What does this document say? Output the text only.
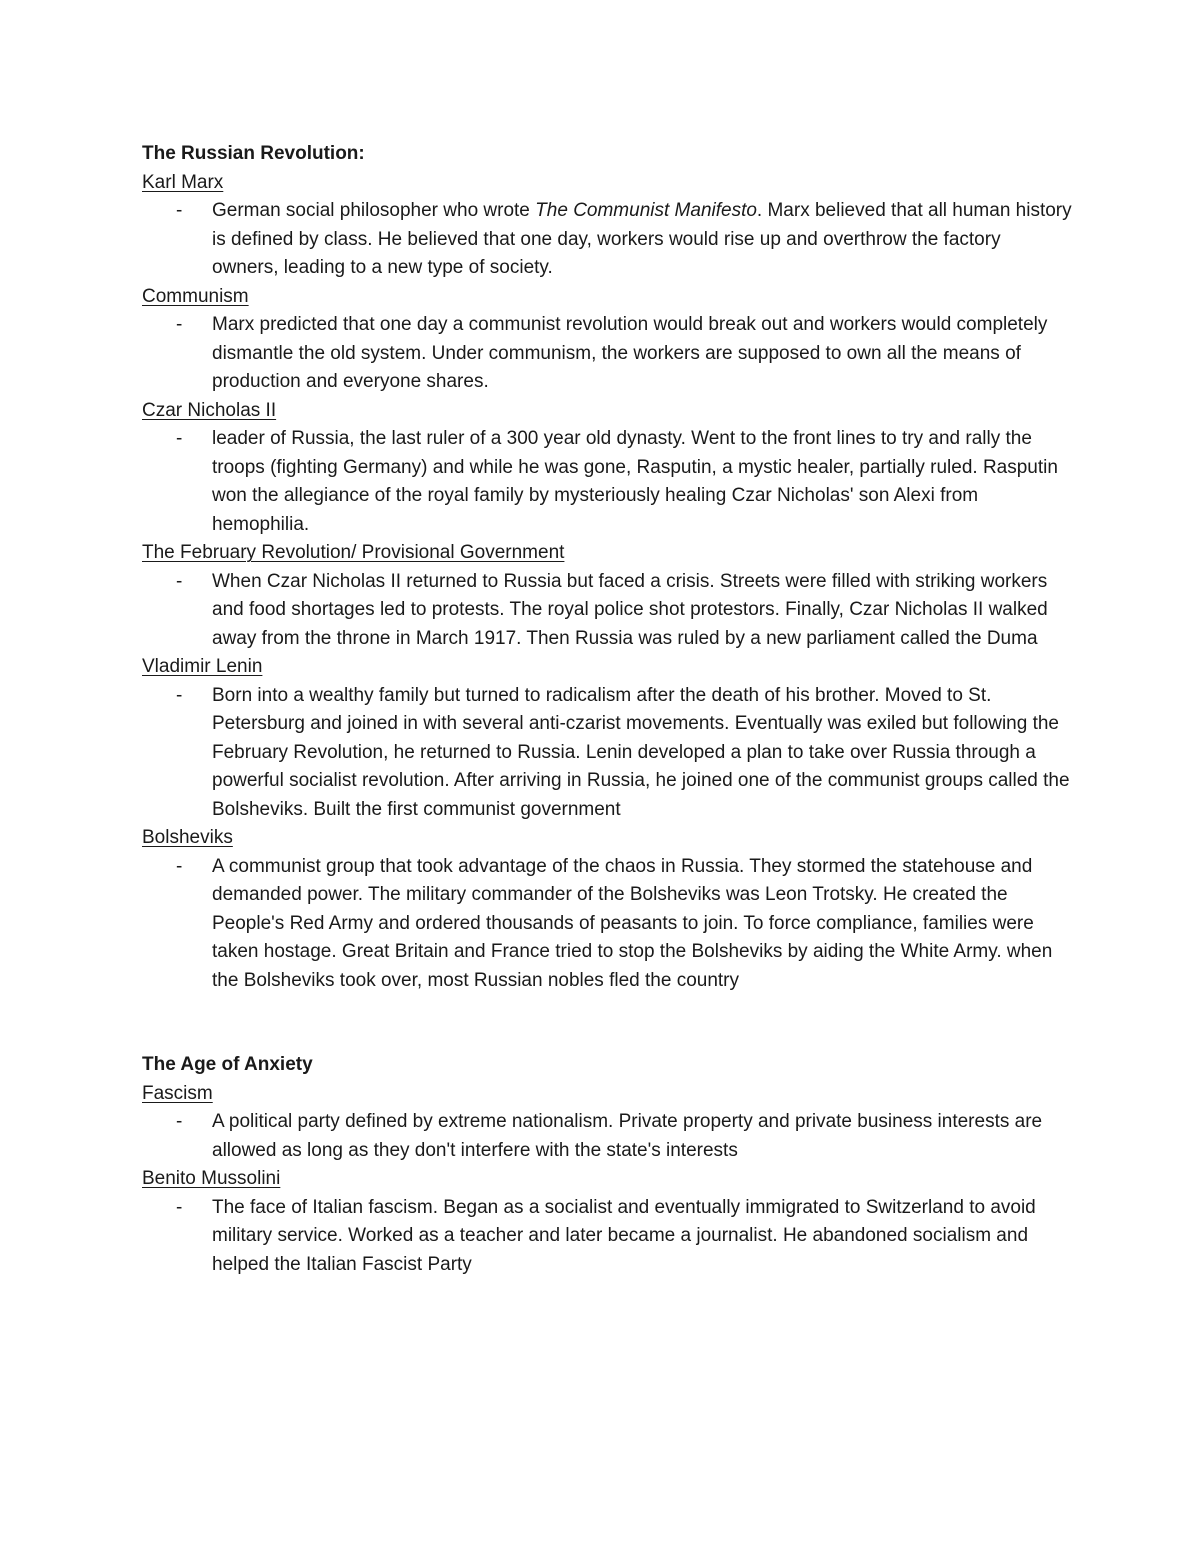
The Russian Revolution:

Karl Marx
- German social philosopher who wrote The Communist Manifesto. Marx believed that all human history is defined by class. He believed that one day, workers would rise up and overthrow the factory owners, leading to a new type of society.
Communism
- Marx predicted that one day a communist revolution would break out and workers would completely dismantle the old system. Under communism, the workers are supposed to own all the means of production and everyone shares.
Czar Nicholas II
- leader of Russia, the last ruler of a 300 year old dynasty. Went to the front lines to try and rally the troops (fighting Germany) and while he was gone, Rasputin, a mystic healer, partially ruled. Rasputin won the allegiance of the royal family by mysteriously healing Czar Nicholas' son Alexi from hemophilia.
The February Revolution/ Provisional Government
- When Czar Nicholas II returned to Russia but faced a crisis. Streets were filled with striking workers and food shortages led to protests. The royal police shot protestors. Finally, Czar Nicholas II walked away from the throne in March 1917. Then Russia was ruled by a new parliament called the Duma
Vladimir Lenin
- Born into a wealthy family but turned to radicalism after the death of his brother. Moved to St. Petersburg and joined in with several anti-czarist movements. Eventually was exiled but following the February Revolution, he returned to Russia. Lenin developed a plan to take over Russia through a powerful socialist revolution. After arriving in Russia, he joined one of the communist groups called the Bolsheviks. Built the first communist government
Bolsheviks
- A communist group that took advantage of the chaos in Russia. They stormed the statehouse and demanded power. The military commander of the Bolsheviks was Leon Trotsky. He created the People's Red Army and ordered thousands of peasants to join. To force compliance, families were taken hostage. Great Britain and France tried to stop the Bolsheviks by aiding the White Army. when the Bolsheviks took over, most Russian nobles fled the country

The Age of Anxiety

Fascism
- A political party defined by extreme nationalism. Private property and private business interests are allowed as long as they don't interfere with the state's interests
Benito Mussolini
- The face of Italian fascism. Began as a socialist and eventually immigrated to Switzerland to avoid military service. Worked as a teacher and later became a journalist. He abandoned socialism and helped the Italian Fascist Party
